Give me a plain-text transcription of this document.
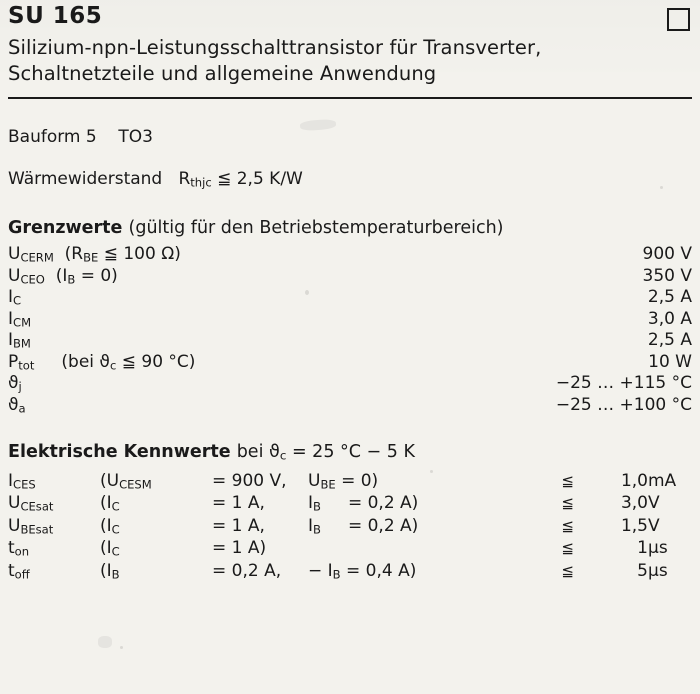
SU 165
Silizium-npn-Leistungsschalttransistor für Transverter,
Schaltnetzteile und allgemeine Anwendung
Bauform 5 TO3
Wärmewiderstand $R_{thjc}$ ≦ 2,5 K/W
Grenzwerte (gültig für den Betriebstemperaturbereich)
$U_{CERM}$ ($R_{BE}$ ≦ 100 Ω)		900 V
$U_{CEO}$ $(I_B = 0)$		350 V
$I_C$		2,5 A
$I_{CM}$		3,0 A
$I_{BM}$		2,5 A
$P_{tot}$ (bei $ϑ_c$ ≦ 90 °C)		10 W
$ϑ_j$		−25 … +115 °C
$ϑ_a$		−25 … +100 °C
Elektrische Kennwerte bei $ϑ_c = 25$ °C − 5 K
$I_{CES}$	($U_{CESM}$	= 900 V,	$U_{BE} = 0$)	≦	1,0	mA
$U_{CEsat}$	($I_C$	= 1 A,	$I_B$     = 0,2 A)	≦	3,0	V
$U_{BEsat}$	($I_C$	= 1 A,	$I_B$     = 0,2 A)	≦	1,5	V
$t_{on}$	($I_C$	= 1 A)		≦	1	µs
$t_{off}$	($I_B$	= 0,2 A,	− $I_B = 0,4$ A)	≦	5	µs
